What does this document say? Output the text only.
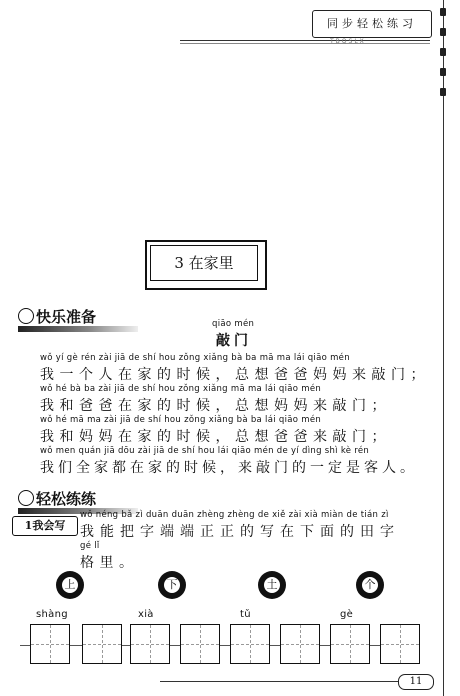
同步轻松练习
TBQSLX
3 在家里
快乐准备	qiāo mén
敲门
wǒ yí gè rén zài jiā de shí hou zǒng xiǎng bà ba mā ma lái qiāo mén
我一个人在家的时候，总想爸爸妈妈来敲门；
wǒ hé bà ba zài jiā de shí hou zǒng xiǎng mā ma lái qiāo mén
我和爸爸在家的时候，总想妈妈来敲门；
wǒ hé mā ma zài jiā de shí hou zǒng xiǎng bà ba lái qiāo mén
我和妈妈在家的时候，总想爸爸来敲门；
wǒ men quán jiā dōu zài jiā de shí hou lái qiāo mén de yí dìng shì kè rén
我们全家都在家的时候，来敲门的一定是客人。
轻松练练
1我会写
wǒ néng bǎ zì duān duān zhèng zhèng de xiě zài xià miàn de tián zì
我能把字端端正正的写在下面的田字
gé lǐ
格里。
上	下	土	个
shàng	xià	tǔ	gè
11
